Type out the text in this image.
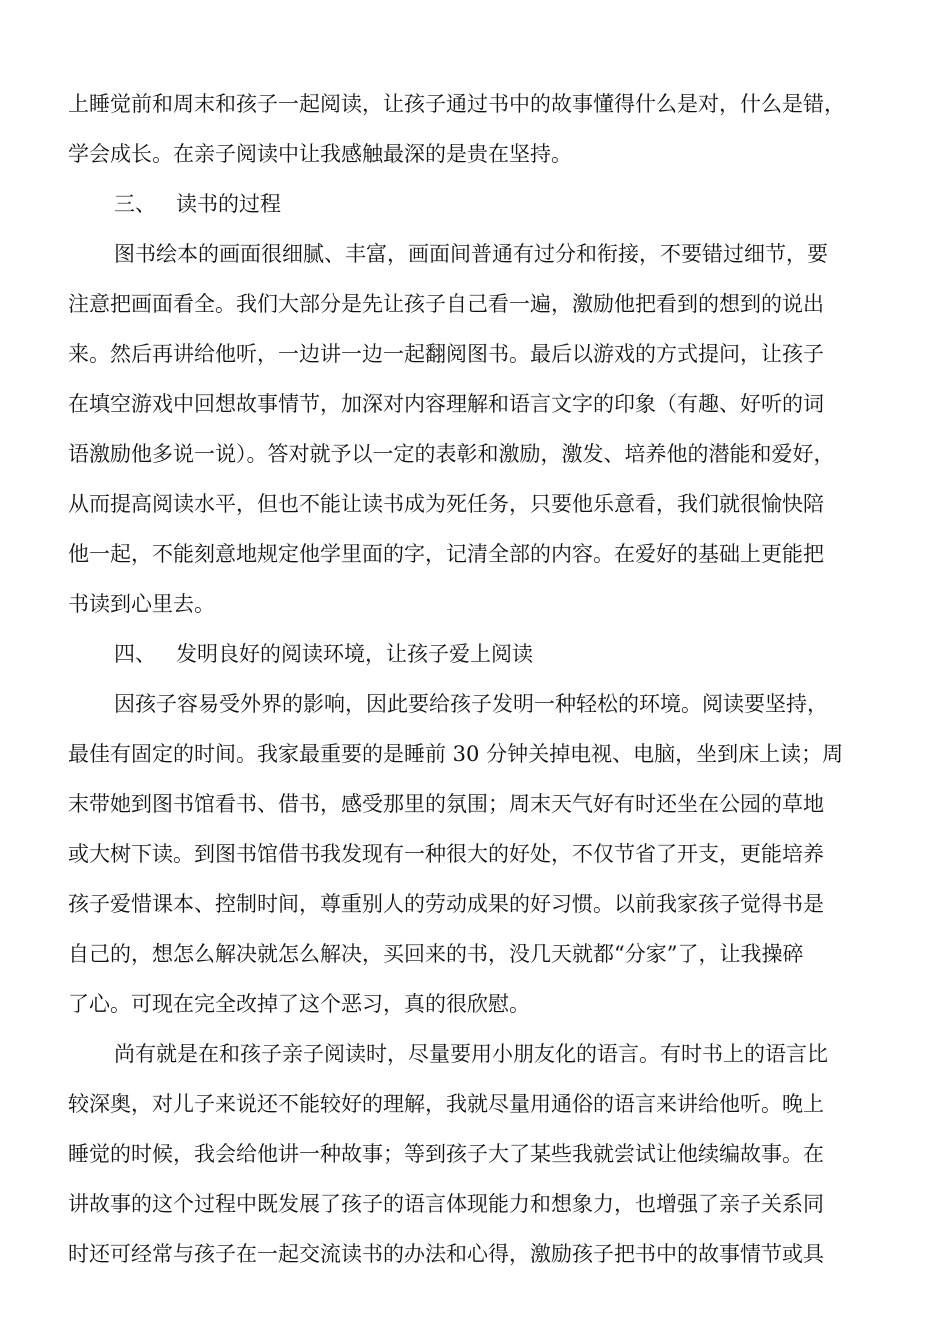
上睡觉前和周末和孩子一起阅读，让孩子通过书中的故事懂得什么是对，什么是错，
学会成长。在亲子阅读中让我感触最深的是贵在坚持。
三、 读书的过程
图书绘本的画面很细腻、丰富，画面间普通有过分和衔接，不要错过细节，要
注意把画面看全。我们大部分是先让孩子自己看一遍，激励他把看到的想到的说出
来。然后再讲给他听，一边讲一边一起翻阅图书。最后以游戏的方式提问，让孩子
在填空游戏中回想故事情节，加深对内容理解和语言文字的印象（有趣、好听的词
语激励他多说一说）。答对就予以一定的表彰和激励，激发、培养他的潜能和爱好，
从而提高阅读水平，但也不能让读书成为死任务，只要他乐意看，我们就很愉快陪
他一起，不能刻意地规定他学里面的字，记清全部的内容。在爱好的基础上更能把
书读到心里去。
四、 发明良好的阅读环境，让孩子爱上阅读
因孩子容易受外界的影响，因此要给孩子发明一种轻松的环境。阅读要坚持，
最佳有固定的时间。我家最重要的是睡前 30 分钟关掉电视、电脑，坐到床上读；周
末带她到图书馆看书、借书，感受那里的氛围；周末天气好有时还坐在公园的草地
或大树下读。到图书馆借书我发现有一种很大的好处，不仅节省了开支，更能培养
孩子爱惜课本、控制时间，尊重别人的劳动成果的好习惯。以前我家孩子觉得书是
自己的，想怎么解决就怎么解决，买回来的书，没几天就都“分家”了，让我操碎
了心。可现在完全改掉了这个恶习，真的很欣慰。
尚有就是在和孩子亲子阅读时，尽量要用小朋友化的语言。有时书上的语言比
较深奥，对儿子来说还不能较好的理解，我就尽量用通俗的语言来讲给他听。晚上
睡觉的时候，我会给他讲一种故事；等到孩子大了某些我就尝试让他续编故事。在
讲故事的这个过程中既发展了孩子的语言体现能力和想象力，也增强了亲子关系同
时还可经常与孩子在一起交流读书的办法和心得，激励孩子把书中的故事情节或具
